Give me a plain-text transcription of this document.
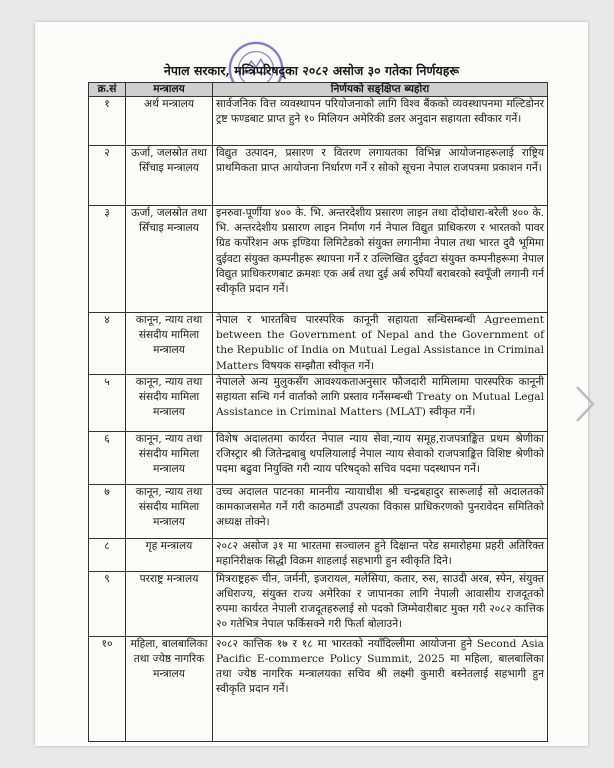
नेपाल सरकार, मन्त्रिपरिषद्का २०८२ असोज ३० गतेका निर्णयहरू
क्र.सं	मन्त्रालय	निर्णयको सङ्क्षिप्त ब्यहोरा
१	अर्थ मन्त्रालय	सार्वजनिक वित्त व्यवस्थापन परियोजनाको लागि विश्व बैंकको व्यवस्थापनमा मल्टिडोनर ट्रष्ट फण्डबाट प्राप्त हुने १० मिलियन अमेरिकी डलर अनुदान सहायता स्वीकार गर्ने।
२	ऊर्जा, जलस्रोत तथा सिँचाइ मन्त्रालय	विद्युत उत्पादन, प्रसारण र वितरण लगायतका विभिन्न आयोजनाहरूलाई राष्ट्रिय प्राथमिकता प्राप्त आयोजना निर्धारण गर्ने र सोको सूचना नेपाल राजपत्रमा प्रकाशन गर्ने।
३	ऊर्जा, जलस्रोत तथा सिँचाइ मन्त्रालय	इनरुवा-पूर्णीया ४०० के. भि. अन्तरदेशीय प्रसारण लाइन तथा दोदोधारा-बरेली ४०० के. भि. अन्तरदेशीय प्रसारण लाइन निर्माण गर्न नेपाल विद्युत प्राधिकरण र भारतको पावर ग्रिड कर्पोरेशन अफ इण्डिया लिमिटेडको संयुक्त लगानीमा नेपाल तथा भारत दुवै भूमिमा दुईवटा संयुक्त कम्पनीहरू स्थापना गर्ने र उल्लिखित दुईवटा संयुक्त कम्पनीहरूमा नेपाल विद्युत प्राधिकरणबाट क्रमशः एक अर्ब तथा दुई अर्ब रुपियाँ बराबरको स्वपूँजी लगानी गर्न स्वीकृति प्रदान गर्ने।
४	कानून, न्याय तथा संसदीय मामिला मन्त्रालय	नेपाल र भारतबिच पारस्परिक कानूनी सहायता सन्धिसम्बन्धी Agreement between the Government of Nepal and the Government of the Republic of India on Mutual Legal Assistance in Criminal Matters विषयक सम्झौता स्वीकृत गर्ने।
५	कानून, न्याय तथा संसदीय मामिला मन्त्रालय	नेपालले अन्य मुलुकसँग आवश्यकताअनुसार फौजदारी मामिलामा पारस्परिक कानूनी सहायता सन्धि गर्न वार्ताको लागि प्रस्ताव गर्नेसम्बन्धी Treaty on Mutual Legal Assistance in Criminal Matters (MLAT) स्वीकृत गर्ने।
६	कानून, न्याय तथा संसदीय मामिला मन्त्रालय	विशेष अदालतमा कार्यरत नेपाल न्याय सेवा,न्याय समूह,राजपत्राङ्कित प्रथम श्रेणीका रजिस्ट्रार श्री जितेन्द्रबाबु थपलियालाई नेपाल न्याय सेवाको राजपत्राङ्कित विशिष्ट श्रेणीको पदमा बढुवा नियुक्ति गरी न्याय परिषद्को सचिव पदमा पदस्थापन गर्ने।
७	कानून, न्याय तथा संसदीय मामिला मन्त्रालय	उच्च अदालत पाटनका माननीय न्यायाधीश श्री चन्द्रबहादुर सारूलाई सो अदालतको कामकाजसमेत गर्ने गरी काठमाडौं उपत्यका विकास प्राधिकरणको पुनरावेदन समितिको अध्यक्ष तोक्ने।
८	गृह मन्त्रालय	२०८२ असोज ३१ मा भारतमा सञ्चालन हुने दिक्षान्त परेड समारोहमा प्रहरी अतिरिक्त महानिरीक्षक सिद्धी विक्रम शाहलाई सहभागी हुन स्वीकृति दिने।
९	परराष्ट्र मन्त्रालय	मित्रराष्ट्रहरू चीन, जर्मनी, इजरायल, मलेसिया, कतार, रुस, साउदी अरब, स्पेन, संयुक्त अधिराज्य, संयुक्त राज्य अमेरिका र जापानका लागि नेपाली आवासीय राजदूतको रुपमा कार्यरत नेपाली राजदूतहरुलाई सो पदको जिम्मेवारीबाट मुक्त गरी २०८२ कात्तिक २० गतेभित्र नेपाल फर्किसक्ने गरी फिर्ता बोलाउने।
१०	महिला, बालबालिका तथा ज्येष्ठ नागरिक मन्त्रालय	२०८२ कात्तिक १७ र १८ मा भारतको नयाँदिल्लीमा आयोजना हुने Second Asia Pacific E-commerce Policy Summit, 2025 मा महिला, बालबालिका तथा ज्येष्ठ नागरिक मन्त्रालयका सचिव श्री लक्ष्मी कुमारी बस्नेतलाई सहभागी हुन स्वीकृति प्रदान गर्ने।
